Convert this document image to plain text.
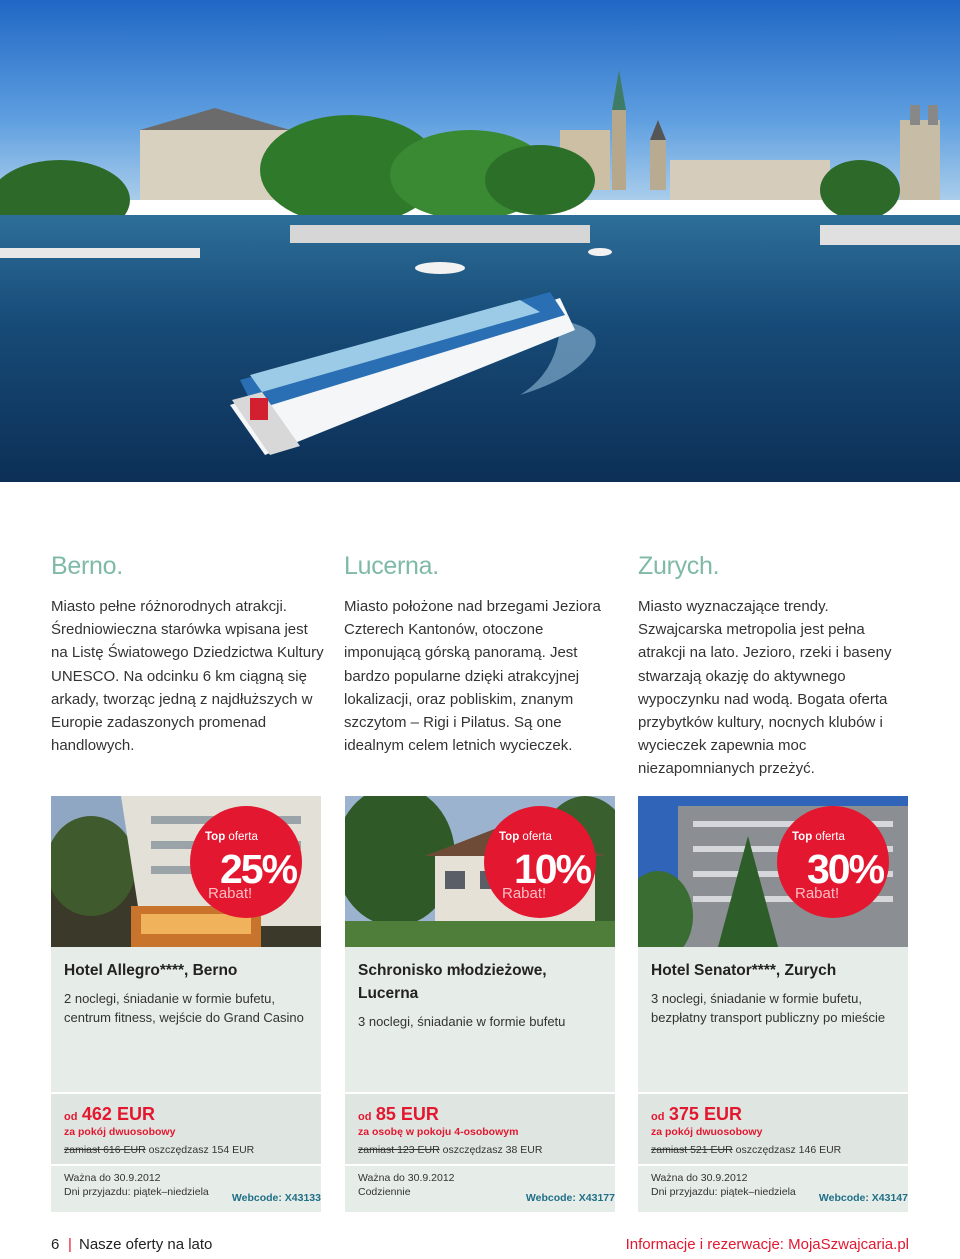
Berno.

Miasto pełne różnorodnych atrakcji. Średniowieczna starówka wpisana jest na Listę Światowego Dziedzictwa Kultury UNESCO. Na odcinku 6 km ciągną się arkady, tworząc jedną z najdłuższych w Europie zadaszonych promenad handlowych.

Lucerna.

Miasto położone nad brzegami Jeziora Czterech Kantonów, otoczone imponującą górską panoramą. Jest bardzo popularne dzięki atrakcyjnej lokalizacji, oraz pobliskim, znanym szczytom – Rigi i Pilatus. Są one idealnym celem letnich wycieczek.

Zurych.

Miasto wyznaczające trendy. Szwajcarska metropolia jest pełna atrakcji na lato. Jezioro, rzeki i baseny stwarzają okazję do aktywnego wypoczynku nad wodą. Bogata oferta przybytków kultury, nocnych klubów i wycieczek zapewnia moc niezapomnianych przeżyć.

Top oferta
25%
Rabat!
Hotel Allegro****, Berno

2 noclegi, śniadanie w formie bufetu, centrum fitness, wejście do Grand Casino

od 462 EUR
za pokój dwuosobowy
zamiast 616 EUR oszczędzasz 154 EUR
Ważna do 30.9.2012
Dni przyjazdu: piątek–niedziela
Webcode: X43133
Top oferta
10%
Rabat!
Schronisko młodzieżowe, Lucerna

3 noclegi, śniadanie w formie bufetu

od 85 EUR
za osobę w pokoju 4-osobowym
zamiast 123 EUR oszczędzasz 38 EUR
Ważna do 30.9.2012
Codziennie
Webcode: X43177
Top oferta
30%
Rabat!
Hotel Senator****, Zurych

3 noclegi, śniadanie w formie bufetu, bezpłatny transport publiczny po mieście

od 375 EUR
za pokój dwuosobowy
zamiast 521 EUR oszczędzasz 146 EUR
Ważna do 30.9.2012
Dni przyjazdu: piątek–niedziela
Webcode: X43147
6 | Nasze oferty na lato	Informacje i rezerwacje: MojaSzwajcaria.pl
